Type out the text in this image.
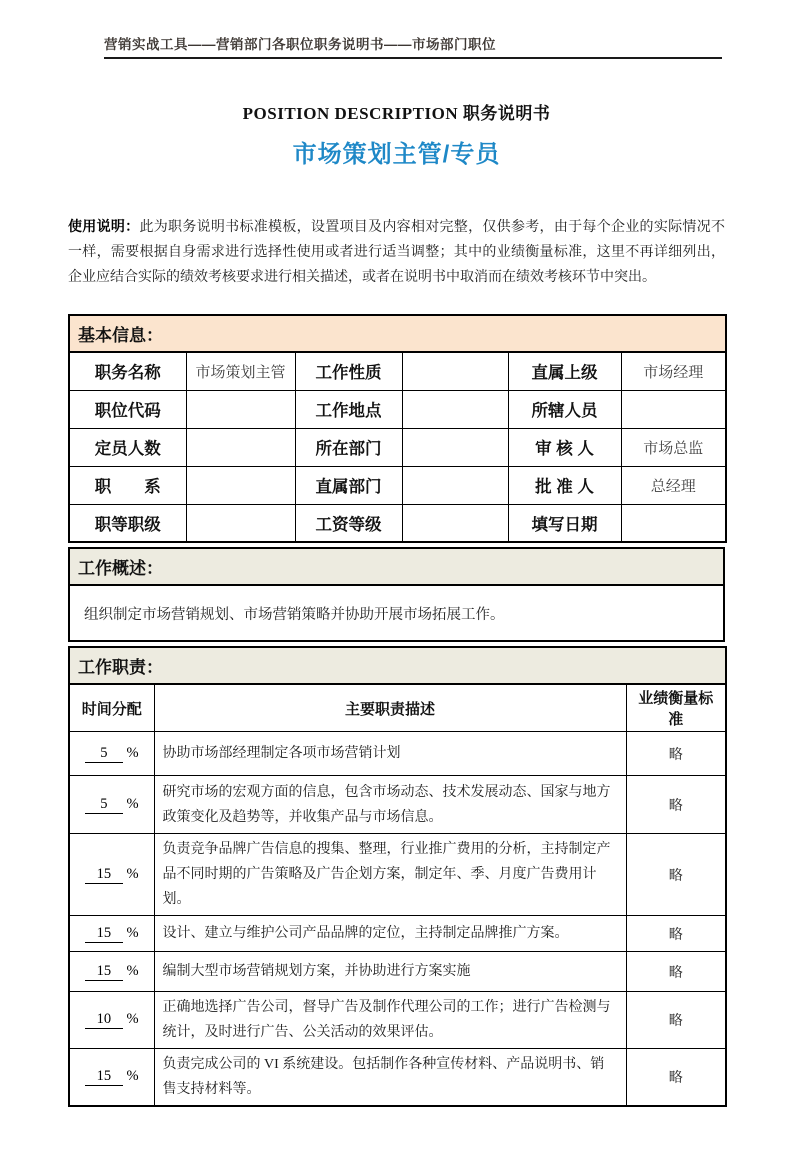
营销实战工具——营销部门各职位职务说明书——市场部门职位
POSITION DESCRIPTION 职务说明书
市场策划主管/专员
使用说明：此为职务说明书标准模板，设置项目及内容相对完整，仅供参考，由于每个企业的实际情况不一样，需要根据自身需求进行选择性使用或者进行适当调整；其中的业绩衡量标准，这里不再详细列出，企业应结合实际的绩效考核要求进行相关描述，或者在说明书中取消而在绩效考核环节中突出。
基本信息：					
职务名称	市场策划主管	工作性质		直属上级	市场经理
职位代码		工作地点		所辖人员	
定员人数		所在部门		审 核 人	市场总监
职　　系		直属部门		批 准 人	总经理
职等职级		工资等级		填写日期	
工作概述：
组织制定市场营销规划、市场营销策略并协助开展市场拓展工作。
工作职责：		
时间分配	主要职责描述	业绩衡量标准
5 %	协助市场部经理制定各项市场营销计划	略
5 %	研究市场的宏观方面的信息，包含市场动态、技术发展动态、国家与地方政策变化及趋势等，并收集产品与市场信息。	略
15 %	负责竞争品牌广告信息的搜集、整理，行业推广费用的分析，主持制定产品不同时期的广告策略及广告企划方案，制定年、季、月度广告费用计划。	略
15 %	设计、建立与维护公司产品品牌的定位，主持制定品牌推广方案。	略
15 %	编制大型市场营销规划方案，并协助进行方案实施	略
10 %	正确地选择广告公司，督导广告及制作代理公司的工作；进行广告检测与统计，及时进行广告、公关活动的效果评估。	略
15 %	负责完成公司的 VI 系统建设。包括制作各种宣传材料、产品说明书、销售支持材料等。	略
